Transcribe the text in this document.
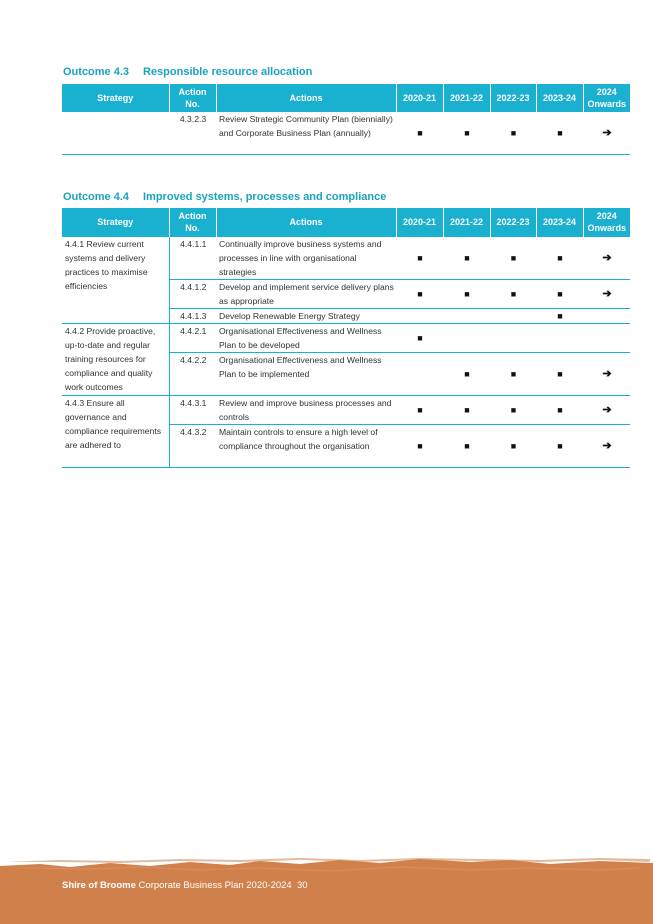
Outcome 4.3 Responsible resource allocation
Strategy	Action No.	Actions	2020-21	2021-22	2022-23	2023-24	2024 Onwards
	4.3.2.3	Review Strategic Community Plan (biennially) and Corporate Business Plan (annually)	■	■	■	■	➔
Outcome 4.4 Improved systems, processes and compliance
Strategy	Action No.	Actions	2020-21	2021-22	2022-23	2023-24	2024 Onwards
4.4.1 Review current systems and delivery practices to maximise efficiencies	4.4.1.1	Continually improve business systems and processes in line with organisational strategies	■	■	■	■	➔
	4.4.1.2	Develop and implement service delivery plans as appropriate	■	■	■	■	➔
	4.4.1.3	Develop Renewable Energy Strategy				■	
4.4.2 Provide proactive, up-to-date and regular training resources for compliance and quality work outcomes	4.4.2.1	Organisational Effectiveness and Wellness Plan to be developed	■				
	4.4.2.2	Organisational Effectiveness and Wellness Plan to be implemented		■	■	■	➔
4.4.3 Ensure all governance and compliance requirements are adhered to	4.4.3.1	Review and improve business processes and controls	■	■	■	■	➔
	4.4.3.2	Maintain controls to ensure a high level of compliance throughout the organisation	■	■	■	■	➔
Shire of Broome Corporate Business Plan 2020-2024 30
